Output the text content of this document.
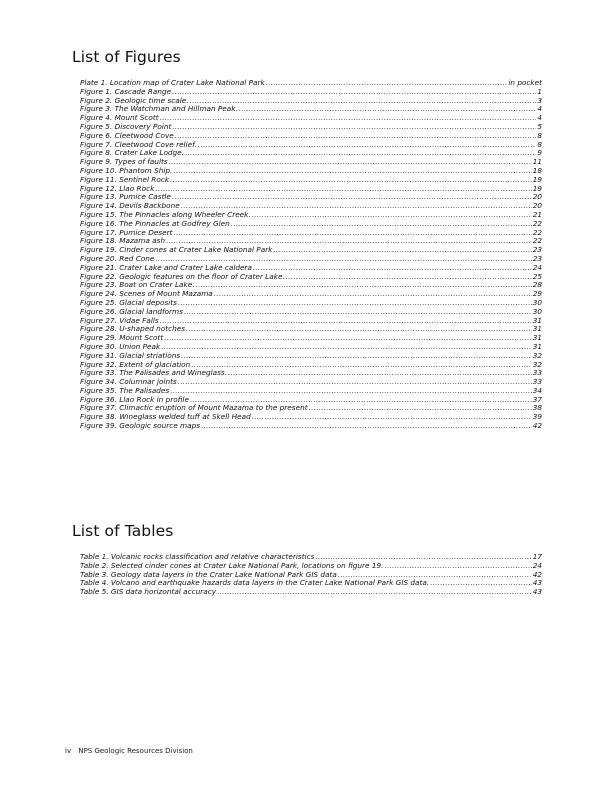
List of Figures
Plate 1. Location map of Crater Lake National Park .....	in pocket
Figure 1. Cascade Range .....	1
Figure 2. Geologic time scale. .....	3
Figure 3. The Watchman and Hillman Peak. .....	4
Figure 4. Mount Scott .....	4
Figure 5. Discovery Point .....	5
Figure 6. Cleetwood Cove .....	8
Figure 7. Cleetwood Cove relief. .....	8
Figure 8. Crater Lake Lodge. .....	9
Figure 9. Types of faults .....	11
Figure 10. Phantom Ship. .....	18
Figure 11. Sentinel Rock .....	19
Figure 12. Llao Rock .....	19
Figure 13. Pumice Castle .....	20
Figure 14. Devils Backbone .....	20
Figure 15. The Pinnacles along Wheeler Creek. .....	21
Figure 16. The Pinnacles at Godfrey Glen .....	22
Figure 17. Pumice Desert .....	22
Figure 18. Mazama ash .....	22
Figure 19. Cinder cones at Crater Lake National Park .....	23
Figure 20. Red Cone .....	23
Figure 21. Crater Lake and Crater Lake caldera .....	24
Figure 22. Geologic features on the floor of Crater Lake. .....	25
Figure 23. Boat on Crater Lake. .....	28
Figure 24. Scenes of Mount Mazama .....	29
Figure 25. Glacial deposits .....	30
Figure 26. Glacial landforms .....	30
Figure 27. Vidae Falls .....	31
Figure 28. U-shaped notches .....	31
Figure 29. Mount Scott .....	31
Figure 30. Union Peak .....	31
Figure 31. Glacial striations .....	32
Figure 32. Extent of glaciation .....	32
Figure 33. The Palisades and Wineglass. .....	33
Figure 34. Columnar joints .....	33
Figure 35. The Palisades .....	34
Figure 36. Llao Rock in profile .....	37
Figure 37. Climactic eruption of Mount Mazama to the present .....	38
Figure 38. Wineglass welded tuff at Skell Head .....	39
Figure 39. Geologic source maps .....	42
List of Tables
Table 1. Volcanic rocks classification and relative characteristics .....	17
Table 2. Selected cinder cones at Crater Lake National Park, locations on figure 19. .....	24
Table 3. Geology data layers in the Crater Lake National Park GIS data .....	42
Table 4. Volcano and earthquake hazards data layers in the Crater Lake National Park GIS data. .....	43
Table 5. GIS data horizontal accuracy .....	43
iv NPS Geologic Resources Division
